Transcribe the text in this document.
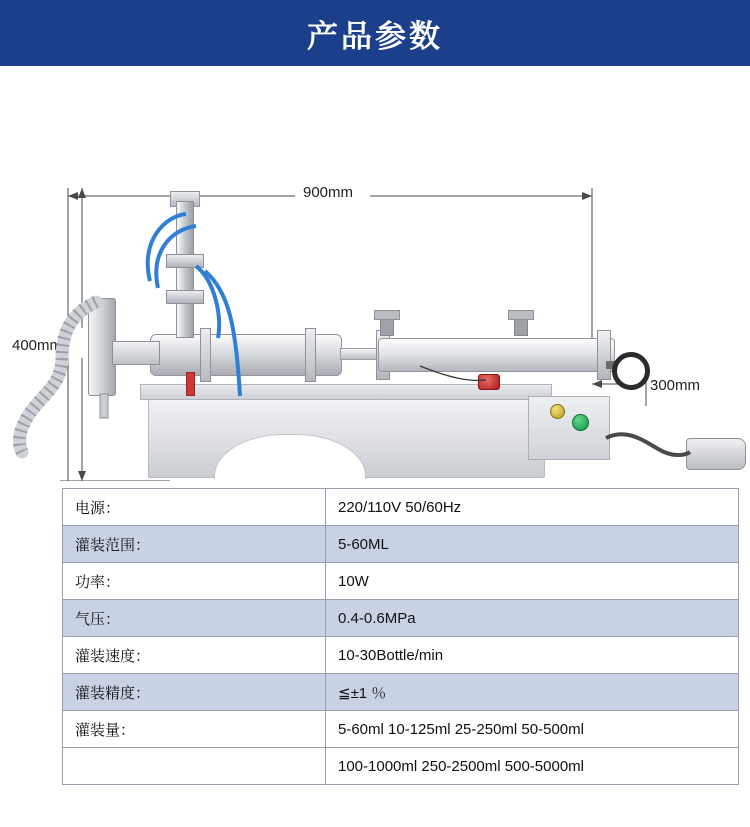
产品参数
900mm
400mm
300mm
电源：	220/110V 50/60Hz
灌装范围：	5-60ML
功率：	10W
气压：	0.4-0.6MPa
灌装速度：	10-30Bottle/min
灌装精度：	≦±1 ％
灌装量：	5-60ml 10-125ml 25-250ml 50-500ml
	100-1000ml 250-2500ml 500-5000ml
